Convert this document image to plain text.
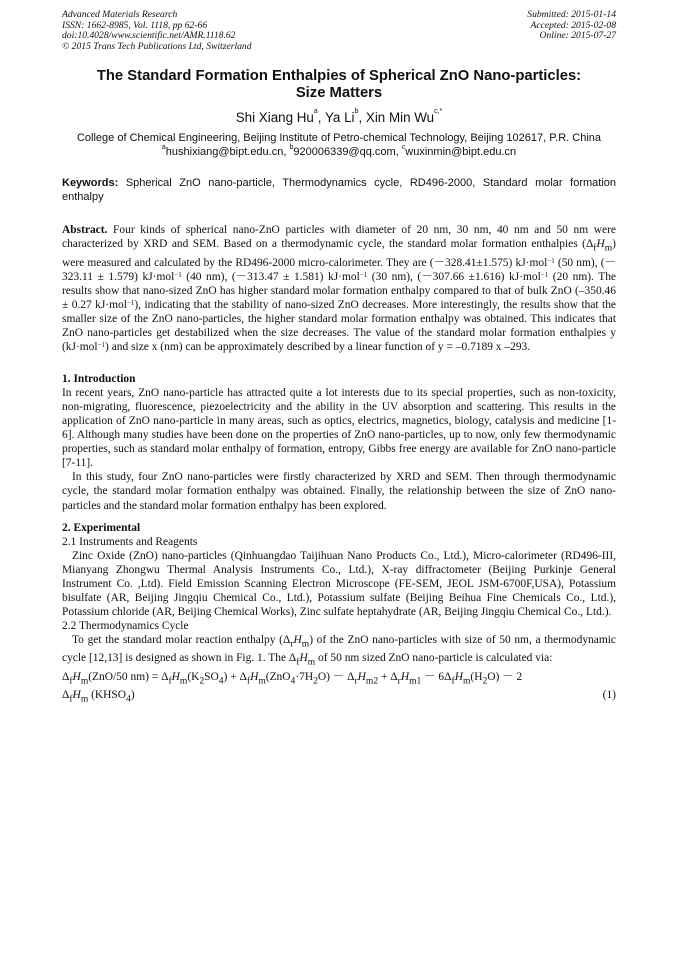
Advanced Materials Research
ISSN: 1662-8985, Vol. 1118, pp 62-66
doi:10.4028/www.scientific.net/AMR.1118.62
© 2015 Trans Tech Publications Ltd, Switzerland
Submitted: 2015-01-14
Accepted: 2015-02-08
Online: 2015-07-27
The Standard Formation Enthalpies of Spherical ZnO Nano-particles:
Size Matters
Shi Xiang Hu$^a$, Ya Li$^b$, Xin Min $Wu^{c,*}$
College of Chemical Engineering, Beijing Institute of Petro-chemical Technology, Beijing 102617, P.R. China
$^a$hushixiang@bipt.edu.cn, $^b$920006339@qq.com, $^c$wuxinmin@bipt.edu.cn
Keywords: Spherical ZnO nano-particle, Thermodynamics cycle, RD496-2000, Standard molar formation enthalpy
Abstract. Four kinds of spherical nano-ZnO particles with diameter of 20 nm, 30 nm, 40 nm and 50 nm were characterized by XRD and SEM. Based on a thermodynamic cycle, the standard molar formation enthalpies $(\Delta_fH_m)$ were measured and calculated by the RD496-2000 micro-calorimeter. They are (－328.41±1.575) kJ·mol$^{-1}$ (50 nm), (－323.11 ± 1.579) kJ·mol$^{-1}$ (40 nm), (－313.47 ± 1.581) kJ·mol$^{-1}$ (30 nm), (－307.66 ±1.616) kJ·mol$^{-1}$ (20 nm). The results show that nano-sized ZnO has higher standard molar formation enthalpy compared to that of bulk ZnO (–350.46 ± 0.27 kJ·mol$^{-1}$), indicating that the stability of nano-sized ZnO decreases. More interestingly, the results show that the smaller size of the ZnO nano-particles, the higher standard molar formation enthalpy was obtained. This indicates that ZnO nano-particles get destabilized when the size decreases. The value of the standard molar formation enthalpies y (kJ·mol$^{-1}$) and size x (nm) can be approximately described by a linear function of y = –0.7189 x –293.
1. Introduction

In recent years, ZnO nano-particle has attracted quite a lot interests due to its special properties, such as non-toxicity, non-migrating, fluorescence, piezoelectricity and the ability in the UV absorption and scattering. This results in the application of ZnO nano-particle in many areas, such as optics, electrics, magnetics, biology, catalysis and medicine [1-6]. Although many studies have been done on the properties of ZnO nano-particles, up to now, only few thermodynamic properties, such as standard molar enthalpy of formation, entropy, Gibbs free energy are available for ZnO nano-particle [7-11].

In this study, four ZnO nano-particles were firstly characterized by XRD and SEM. Then through thermodynamic cycle, the standard molar formation enthalpy was obtained. Finally, the relationship between the size of ZnO nano-particles and the standard molar formation enthalpy has been explored.

2. Experimental
2.1 Instruments and Reagents

Zinc Oxide (ZnO) nano-particles (Qinhuangdao Taijihuan Nano Products Co., Ltd.), Micro-calorimeter (RD496-III, Mianyang Zhongwu Thermal Analysis Instruments Co., Ltd.), X-ray diffractometer (Beijing Purkinje General Instrument Co. ,Ltd). Field Emission Scanning Electron Microscope (FE-SEM, JEOL JSM-6700F,USA), Potassium bisulfate (AR, Beijing Jingqiu Chemical Co., Ltd.), Potassium sulfate (Beijing Beihua Fine Chemicals Co., Ltd.), Potassium chloride (AR, Beijing Chemical Works), Zinc sulfate heptahydrate (AR, Beijing Jingqiu Chemical Co., Ltd.).

2.2 Thermodynamics Cycle

To get the standard molar reaction enthalpy $(\Delta_rH_m)$ of the ZnO nano-particles with size of 50 nm, a thermodynamic cycle [12,13] is designed as shown in Fig. 1. The $\Delta_fH_m$ of 50 nm sized ZnO nano-particle is calculated via:

$\Delta_fH_m(ZnO/50$ $nm) = \Delta_fH_m(K_2SO_4) + \Delta_fH_m(ZnO_4\cdot 7H_2O) - \Delta_rH_{m2} + \Delta_rH_{m1} - 6\Delta_fH_m(H_2O) - 2$
$\Delta_fH_m$ $(KHSO_4)$	(1)
